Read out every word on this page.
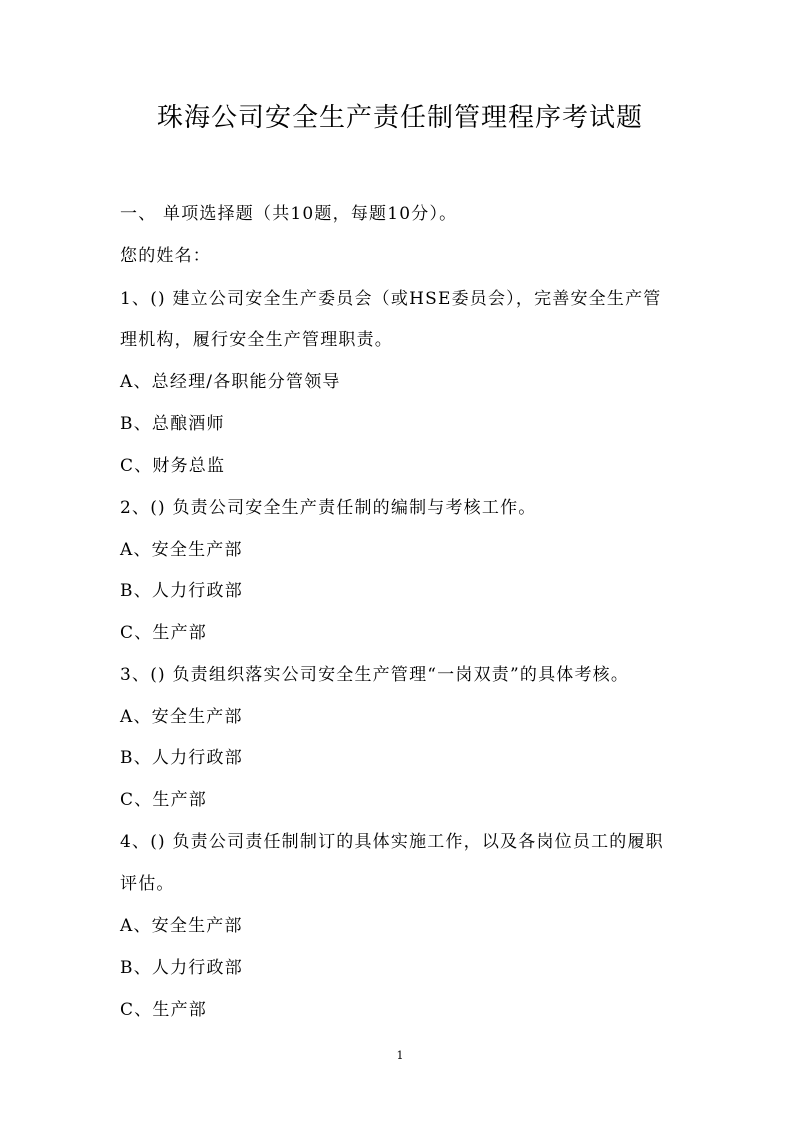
珠海公司安全生产责任制管理程序考试题
一、 单项选择题（共10题，每题10分）。
您的姓名：
1、() 建立公司安全生产委员会（或HSE委员会），完善安全生产管
理机构，履行安全生产管理职责。
A、总经理/各职能分管领导
B、总酿酒师
C、财务总监
2、() 负责公司安全生产责任制的编制与考核工作。
A、安全生产部
B、人力行政部
C、生产部
3、() 负责组织落实公司安全生产管理“一岗双责”的具体考核。
A、安全生产部
B、人力行政部
C、生产部
4、() 负责公司责任制制订的具体实施工作，以及各岗位员工的履职
评估。
A、安全生产部
B、人力行政部
C、生产部
1
